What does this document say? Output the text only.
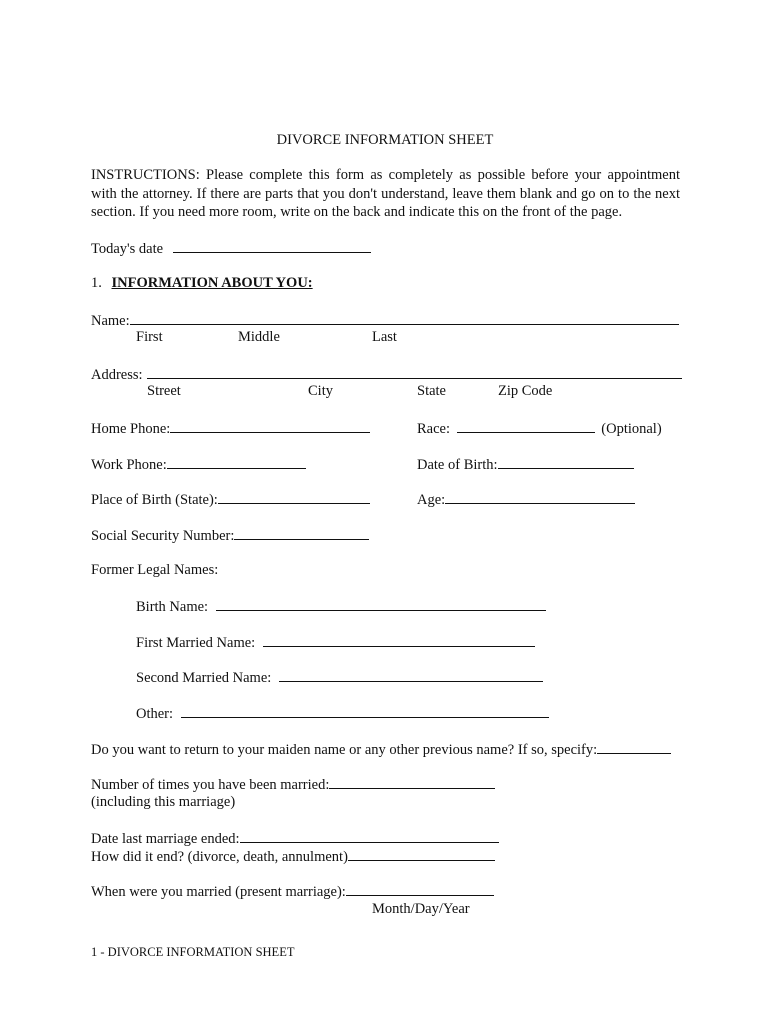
DIVORCE INFORMATION SHEET
INSTRUCTIONS: Please complete this form as completely as possible before your appointment with the attorney. If there are parts that you don't understand, leave them blank and go on to the next section. If you need more room, write on the back and indicate this on the front of the page.
Today's date
1. INFORMATION ABOUT YOU:
Name:
First	Middle	Last
Address:
Street	City	State	Zip Code
Home Phone:	Race:	(Optional)
Work Phone:	Date of Birth:
Place of Birth (State):	Age:
Social Security Number:
Former Legal Names:
Birth Name:
First Married Name:
Second Married Name:
Other:
Do you want to return to your maiden name or any other previous name? If so, specify:
Number of times you have been married:
(including this marriage)
Date last marriage ended:
How did it end? (divorce, death, annulment)
When were you married (present marriage):
Month/Day/Year
1 - DIVORCE INFORMATION SHEET
